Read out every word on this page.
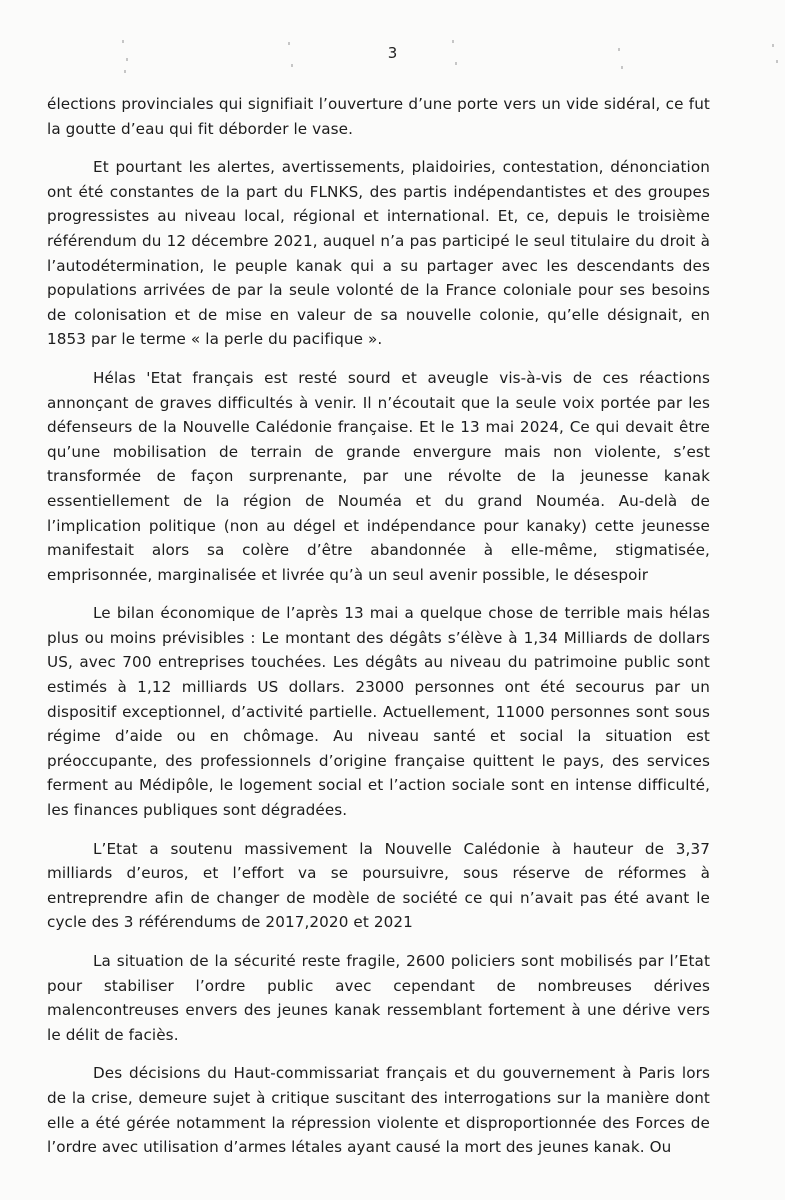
3

élections provinciales qui signifiait l’ouverture d’une porte vers un vide sidéral, ce fut la goutte d’eau qui fit déborder le vase.

Et pourtant les alertes, avertissements, plaidoiries, contestation, dénonciation ont été constantes de la part du FLNKS, des partis indépendantistes et des groupes progressistes au niveau local, régional et international. Et, ce, depuis le troisième référendum du 12 décembre 2021, auquel n’a pas participé le seul titulaire du droit à l’autodétermination, le peuple kanak qui a su partager avec les descendants des populations arrivées de par la seule volonté de la France coloniale pour ses besoins de colonisation et de mise en valeur de sa nouvelle colonie, qu’elle désignait, en 1853 par le terme « la perle du pacifique ».

Hélas 'Etat français est resté sourd et aveugle vis-à-vis de ces réactions annonçant de graves difficultés à venir. Il n’écoutait que la seule voix portée par les défenseurs de la Nouvelle Calédonie française. Et le 13 mai 2024, Ce qui devait être qu’une mobilisation de terrain de grande envergure mais non violente, s’est transformée de façon surprenante, par une révolte de la jeunesse kanak essentiellement de la région de Nouméa et du grand Nouméa. Au-delà de l’implication politique (non au dégel et indépendance pour kanaky) cette jeunesse manifestait alors sa colère d’être abandonnée à elle-même, stigmatisée, emprisonnée, marginalisée et livrée qu’à un seul avenir possible, le désespoir

Le bilan économique de l’après 13 mai a quelque chose de terrible mais hélas plus ou moins prévisibles : Le montant des dégâts s’élève à 1,34 Milliards de dollars US, avec 700 entreprises touchées. Les dégâts au niveau du patrimoine public sont estimés à 1,12 milliards US dollars. 23000 personnes ont été secourus par un dispositif exceptionnel, d’activité partielle. Actuellement, 11000 personnes sont sous régime d’aide ou en chômage. Au niveau santé et social la situation est préoccupante, des professionnels d’origine française quittent le pays, des services ferment au Médipôle, le logement social et l’action sociale sont en intense difficulté, les finances publiques sont dégradées.

L’Etat a soutenu massivement la Nouvelle Calédonie à hauteur de 3,37 milliards d’euros, et l’effort va se poursuivre, sous réserve de réformes à entreprendre afin de changer de modèle de société ce qui n’avait pas été avant le cycle des 3 référendums de 2017,2020 et 2021

La situation de la sécurité reste fragile, 2600 policiers sont mobilisés par l’Etat pour stabiliser l’ordre public avec cependant de nombreuses dérives malencontreuses envers des jeunes kanak ressemblant fortement à une dérive vers le délit de faciès.

Des décisions du Haut-commissariat français et du gouvernement à Paris lors de la crise, demeure sujet à critique suscitant des interrogations sur la manière dont elle a été gérée notamment la répression violente et disproportionnée des Forces de l’ordre avec utilisation d’armes létales ayant causé la mort des jeunes kanak. Ou
